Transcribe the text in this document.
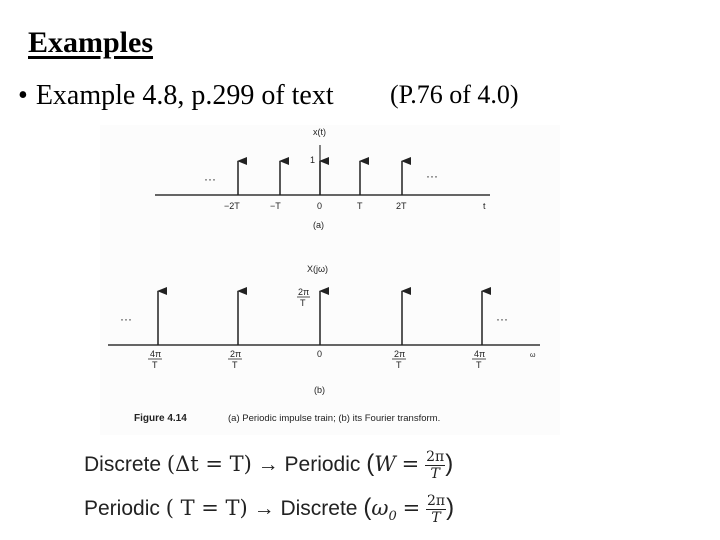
Examples
• Example 4.8, p.299 of text (P.76 of 4.0)
x(t)
1
···	···
−2T	−T	0	T	2T	t
(a)
X(jω)
2π
T
···	···
4π
T
2π
T
0	2π
T
4π
T
ω
(b)
Figure 4.14	(a) Periodic impulse train; (b) its Fourier transform.
Discrete (Δt = T) → Periodic ($W = \frac{2\pi}{T}$ )
Periodic ( T = T) → Discrete ($\omega_0 = \frac{2\pi}{T}$ )
